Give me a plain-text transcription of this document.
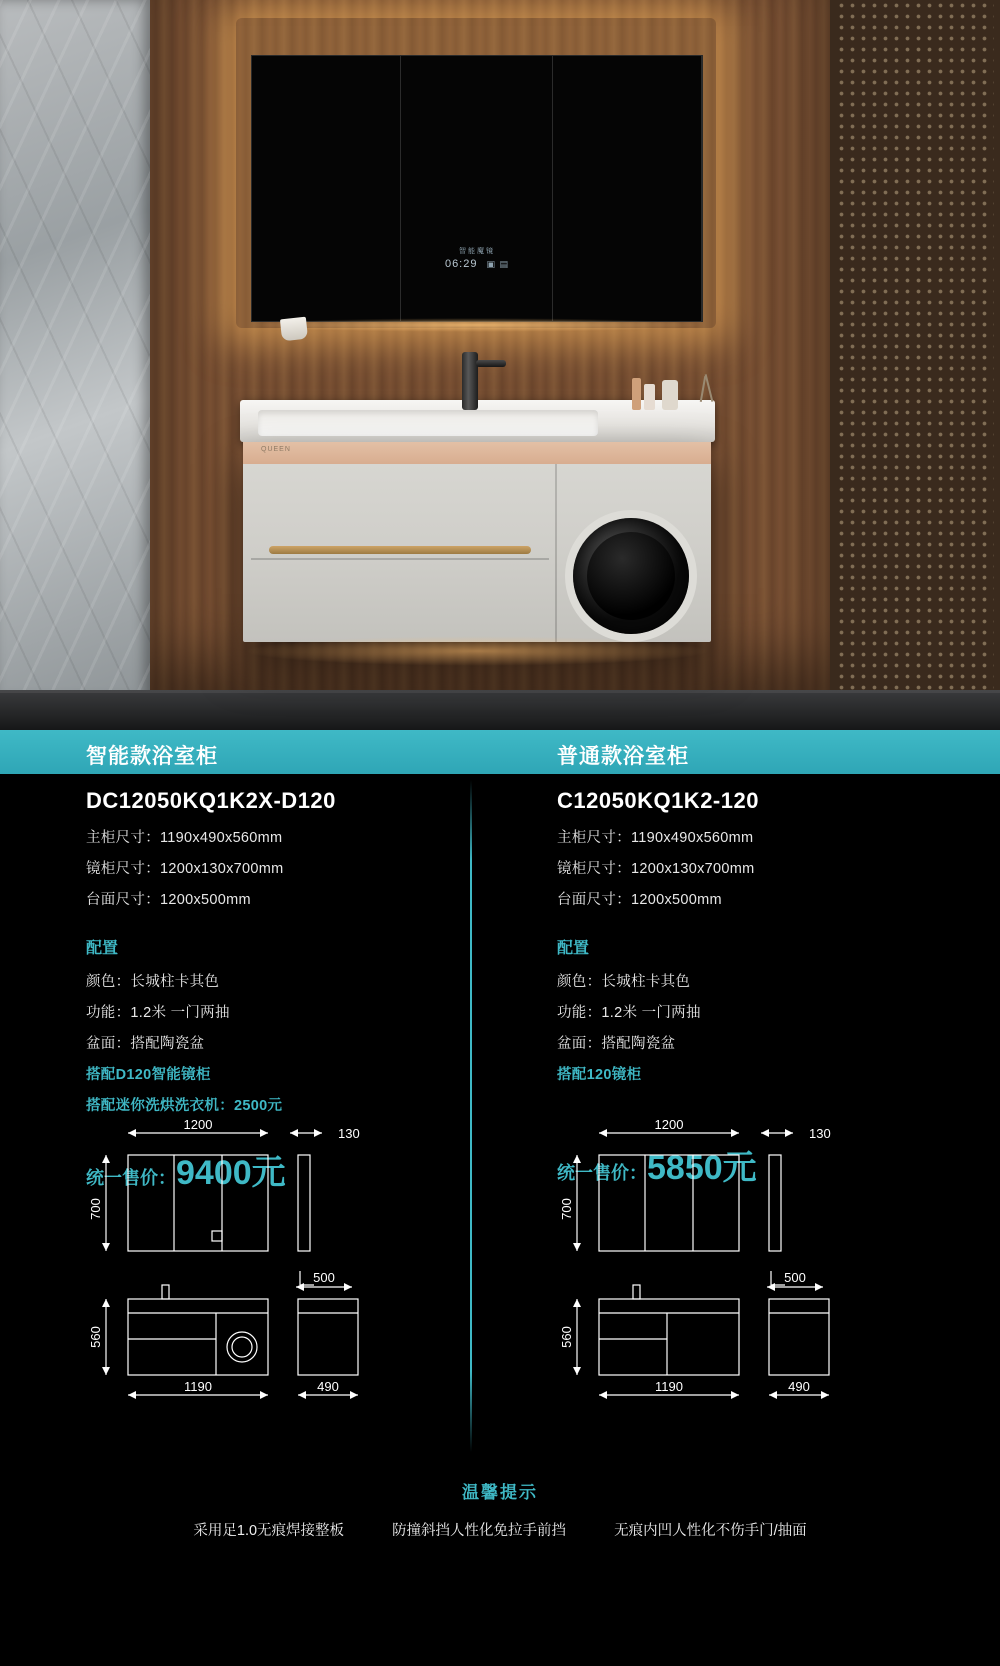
智能魔镜
06:29 ▣ ▤
QUEEN
智能款浴室柜	普通款浴室柜
DC12050KQ1K2X-D120
主柜尺寸：1190x490x560mm
镜柜尺寸：1200x130x700mm
台面尺寸：1200x500mm
配置
颜色：长城柱卡其色
功能：1.2米 一门两抽
盆面：搭配陶瓷盆
搭配D120智能镜柜
搭配迷你洗烘洗衣机：2500元
统一售价：9400元
C12050KQ1K2-120
主柜尺寸：1190x490x560mm
镜柜尺寸：1200x130x700mm
台面尺寸：1200x500mm
配置
颜色：长城柱卡其色
功能：1.2米 一门两抽
盆面：搭配陶瓷盆
搭配120镜柜
统一售价：5850元
1200
130
700
500
560
1190	490
1200
130
700
500
560
1190	490
温馨提示
采用足1.0无痕焊接整板	防撞斜挡人性化免拉手前挡	无痕内凹人性化不伤手门/抽面
